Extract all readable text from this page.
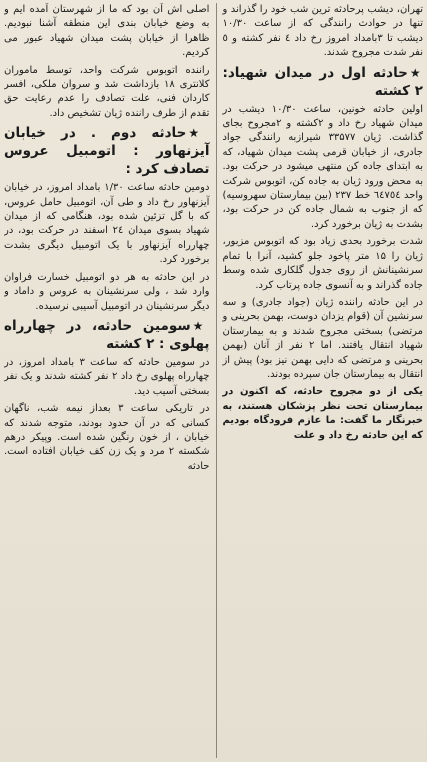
تهران، دیشب پرحادثه ترین شب خود را گذراند و تنها در حوادث رانندگی که از ساعت ۱۰/۳۰ دیشب تا ۳بامداد امروز رخ داد ٤ نفر کشته و ٥ نفر شدت مجروح شدند.

★حادثه اول در میدان شهیاد: ۲ کشته

اولین حادثه خونین، ساعت ۱۰/۳۰ دیشب در میدان شهیاد رخ داد و ۲کشته و ۲مجروح بجای گذاشت. ژیان ۳۳۵۷۷ شیرازبه رانندگی جواد جادری، از خیابان قرمی پشت میدان شهیاد، که به ابتدای جاده کن منتهی میشود در حرکت بود. به محض ورود ژیان به جاده کن، اتوبوس شرکت واحد ٦٤٧٥٤ خط ۲۳۷ (بین بیمارستان سهروسیه) که از جنوب به شمال جاده کن در حرکت بود، بشدت به ژیان برخورد کرد.

شدت برخورد بحدی زیاد بود که اتوبوس مزبور، ژیان را ۱۵ متر پاخود جلو کشید، آنرا با تمام سرنشینانش از روی جدول گلکاری شده وسط جاده گذراند و به آنسوی جاده پرتاب کرد.

در این حادثه راننده ژیان (جواد جادری) و سه سرنشین آن (قوام یزدان دوست، بهمن بحرینی و مرتضی) بسختی مجروح شدند و به بیمارستان شهیاد انتقال یافتند. اما ۲ نفر از آنان (بهمن بحرینی و مرتضی که دایی بهمن نیز بود) پیش از انتقال به بیمارستان جان سپرده بودند.

یکی از دو مجروح حادثه، که اکنون در بیمارستان تحت نظر پزشکان هستند، به خبرنگار ما گفت: ما عازم فرودگاه بودیم که این حادثه رخ داد و علت

اصلی اش آن بود که ما از شهرستان آمده ایم و به وضع خیابان بندی این منطقه آشنا نبودیم. ظاهرا از خیابان پشت میدان شهیاد عبور می کردیم.

راننده اتوبوس شرکت واحد، توسط ماموران کلانتری ۱۸ بازداشت شد و سروان ملکی، افسر کاردان فنی، علت تصادف را عدم رعایت حق تقدم از طرف راننده ژیان تشخیص داد.

★حادثه دوم . در خیابان آیزنهاور : اتومبیل عروس تصادف کرد :

دومین حادثه ساعت ۱/۳۰ بامداد امروز، در خیابان آیزنهاور رخ داد و طی آن، اتومبیل حامل عروس، که با گل تزئین شده بود، هنگامی که از میدان شهیاد بسوی میدان ۲٤ اسفند در حرکت بود، در چهارراه آیزنهاور با یک اتومبیل دیگری بشدت برخورد کرد.

در این حادثه به هر دو اتومبیل خسارت فراوان وارد شد ، ولی سرنشینان به عروس و داماد و دیگر سرنشینان در اتومبیل آسیبی نرسیده.

★سومین حادثه، در چهارراه پهلوی : ۲ کشته

در سومین حادثه که ساعت ۳ بامداد امروز، در چهارراه پهلوی رخ داد ۲ نفر کشته شدند و یک نفر بسختی آسیب دید.

در تاریکی ساعت ۳ بعداز نیمه شب، ناگهان کسانی که در آن حدود بودند، متوجه شدند که خیابان ، از خون رنگین شده است. وپیکر درهم شکسته ۲ مرد و یک زن کف خیابان افتاده است. حادثه
